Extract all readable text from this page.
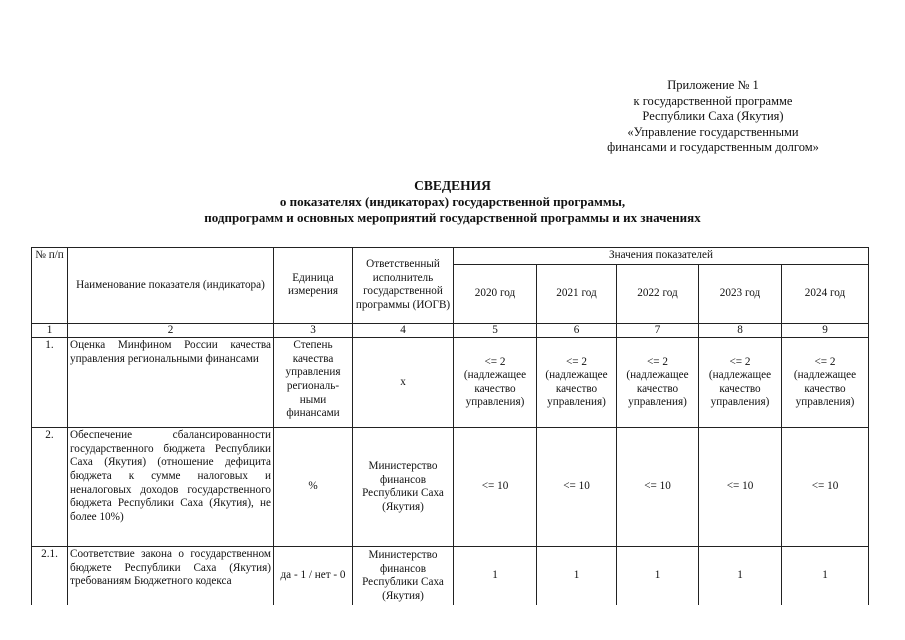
Приложение № 1
к государственной программе
Республики Саха (Якутия)
«Управление государственными
финансами и государственным долгом»
СВЕДЕНИЯ
о показателях (индикаторах) государственной программы,
подпрограмм и основных мероприятий государственной программы и их значениях
№ п/п	Наименование показателя (индикатора)	Единица измерения	Ответственный исполнитель государственной программы (ИОГВ)	Значения показателей				
				2020 год	2021 год	2022 год	2023 год	2024 год
1	2	3	4	5	6	7	8	9
1.	Оценка Минфином России качества управления региональными финансами	Степень качества управления региональ-ными финансами	х	<= 2 (надлежащее качество управления)	<= 2 (надлежащее качество управления)	<= 2 (надлежащее качество управления)	<= 2 (надлежащее качество управления)	<= 2 (надлежащее качество управления)
2.	Обеспечение сбалансированности государственного бюджета Республики Саха (Якутия) (отношение дефицита бюджета к сумме налоговых и неналоговых доходов государственного бюджета Республики Саха (Якутия), не более 10%)	%	Министерство финансов Республики Саха (Якутия)	<= 10	<= 10	<= 10	<= 10	<= 10
2.1.	Соответствие закона о государственном бюджете Республики Саха (Якутия) требованиям Бюджетного кодекса	да - 1 / нет - 0	Министерство финансов Республики Саха (Якутия)	1	1	1	1	1
